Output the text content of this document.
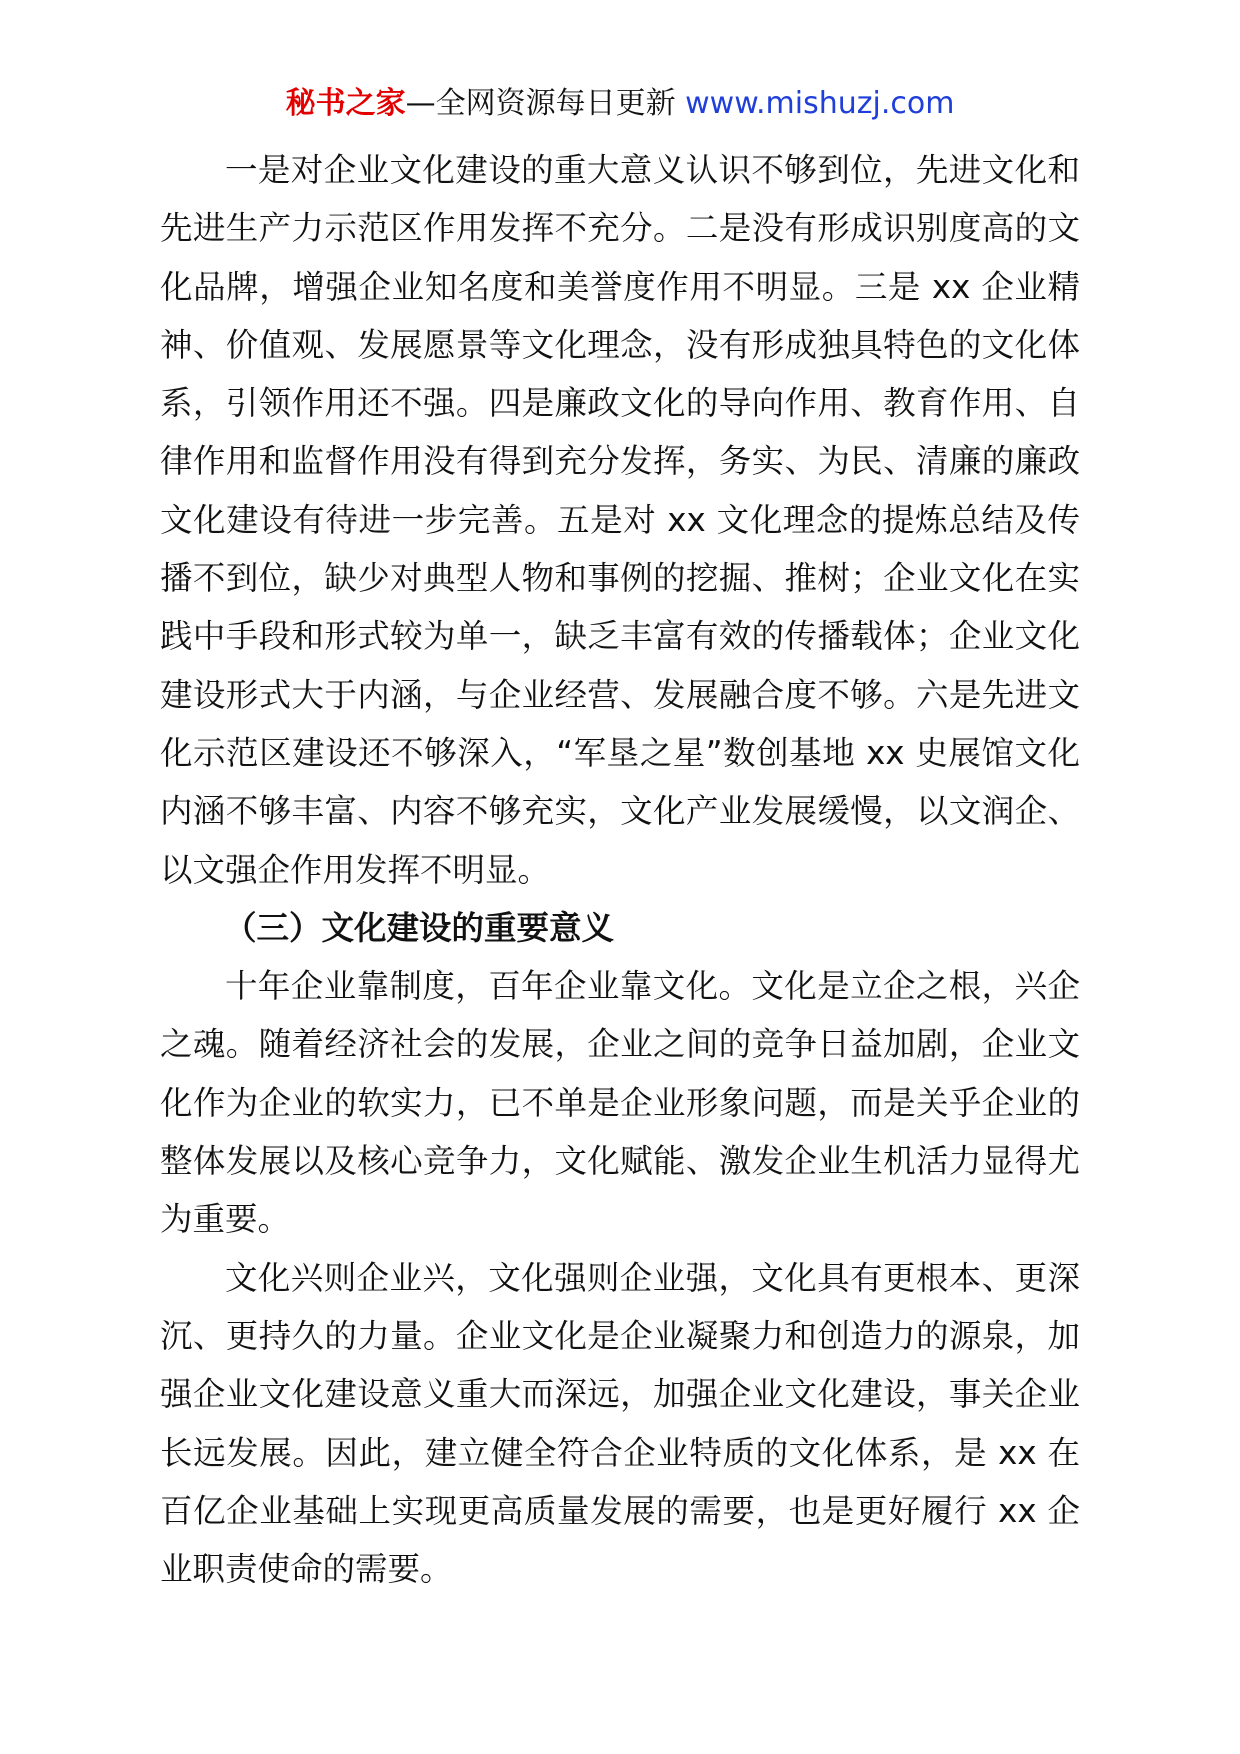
秘书之家—全网资源每日更新 www.mishuzj.com

一是对企业文化建设的重大意义认识不够到位，先进文化和先进生产力示范区作用发挥不充分。二是没有形成识别度高的文化品牌，增强企业知名度和美誉度作用不明显。三是 xx 企业精神、价值观、发展愿景等文化理念，没有形成独具特色的文化体系，引领作用还不强。四是廉政文化的导向作用、教育作用、自律作用和监督作用没有得到充分发挥，务实、为民、清廉的廉政文化建设有待进一步完善。五是对 xx 文化理念的提炼总结及传播不到位，缺少对典型人物和事例的挖掘、推树；企业文化在实践中手段和形式较为单一，缺乏丰富有效的传播载体；企业文化建设形式大于内涵，与企业经营、发展融合度不够。六是先进文化示范区建设还不够深入，“军垦之星”数创基地 xx 史展馆文化内涵不够丰富、内容不够充实，文化产业发展缓慢，以文润企、以文强企作用发挥不明显。

（三）文化建设的重要意义

十年企业靠制度，百年企业靠文化。文化是立企之根，兴企之魂。随着经济社会的发展，企业之间的竞争日益加剧，企业文化作为企业的软实力，已不单是企业形象问题，而是关乎企业的整体发展以及核心竞争力，文化赋能、激发企业生机活力显得尤为重要。

文化兴则企业兴，文化强则企业强，文化具有更根本、更深沉、更持久的力量。企业文化是企业凝聚力和创造力的源泉，加强企业文化建设意义重大而深远，加强企业文化建设，事关企业长远发展。因此，建立健全符合企业特质的文化体系，是 xx 在百亿企业基础上实现更高质量发展的需要，也是更好履行 xx 企业职责使命的需要。
